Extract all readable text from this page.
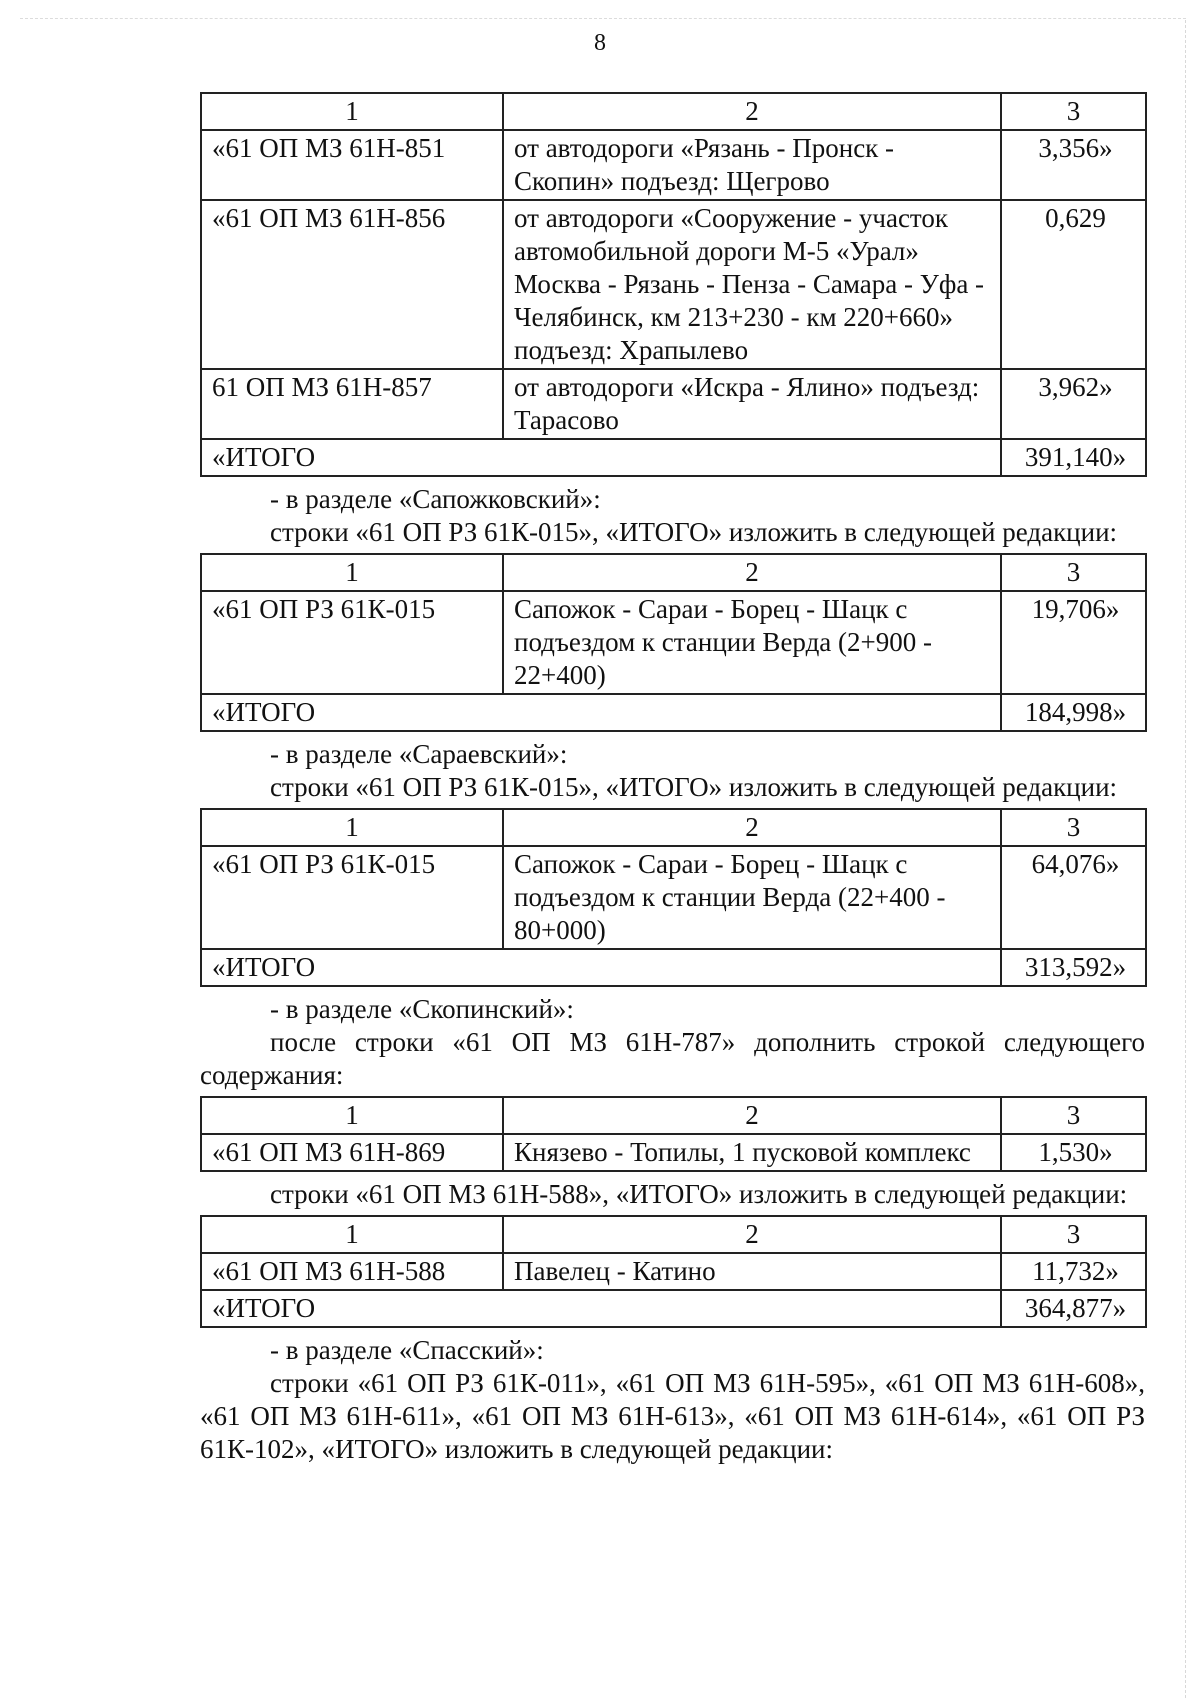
8
1	2	3
«61 ОП МЗ 61Н-851	от автодороги «Рязань - Пронск - Скопин» подъезд: Щегрово	3,356»
«61 ОП МЗ 61Н-856	от автодороги «Сооружение - участок автомобильной дороги М-5 «Урал» Москва - Рязань - Пенза - Самара - Уфа - Челябинск, км 213+230 - км 220+660» подъезд: Храпылево	0,629
61 ОП МЗ 61Н-857	от автодороги «Искра - Ялино» подъезд: Тарасово	3,962»
«ИТОГО		391,140»

- в разделе «Сапожковский»:

строки «61 ОП РЗ 61К-015», «ИТОГО» изложить в следующей редакции:

1	2	3
«61 ОП РЗ 61К-015	Сапожок - Сараи - Борец - Шацк с подъездом к станции Верда (2+900 - 22+400)	19,706»
«ИТОГО		184,998»

- в разделе «Сараевский»:

строки «61 ОП РЗ 61К-015», «ИТОГО» изложить в следующей редакции:

1	2	3
«61 ОП РЗ 61К-015	Сапожок - Сараи - Борец - Шацк с подъездом к станции Верда (22+400 - 80+000)	64,076»
«ИТОГО		313,592»

- в разделе «Скопинский»:

после строки «61 ОП МЗ 61Н-787» дополнить строкой следующего содержания:

1	2	3
«61 ОП МЗ 61Н-869	Князево - Топилы, 1 пусковой комплекс	1,530»

строки «61 ОП МЗ 61Н-588», «ИТОГО» изложить в следующей редакции:

1	2	3
«61 ОП МЗ 61Н-588	Павелец - Катино	11,732»
«ИТОГО		364,877»

- в разделе «Спасский»:

строки «61 ОП РЗ 61К-011», «61 ОП МЗ 61Н-595», «61 ОП МЗ 61Н-608», «61 ОП МЗ 61Н-611», «61 ОП МЗ 61Н-613», «61 ОП МЗ 61Н-614», «61 ОП РЗ 61К-102», «ИТОГО» изложить в следующей редакции:
